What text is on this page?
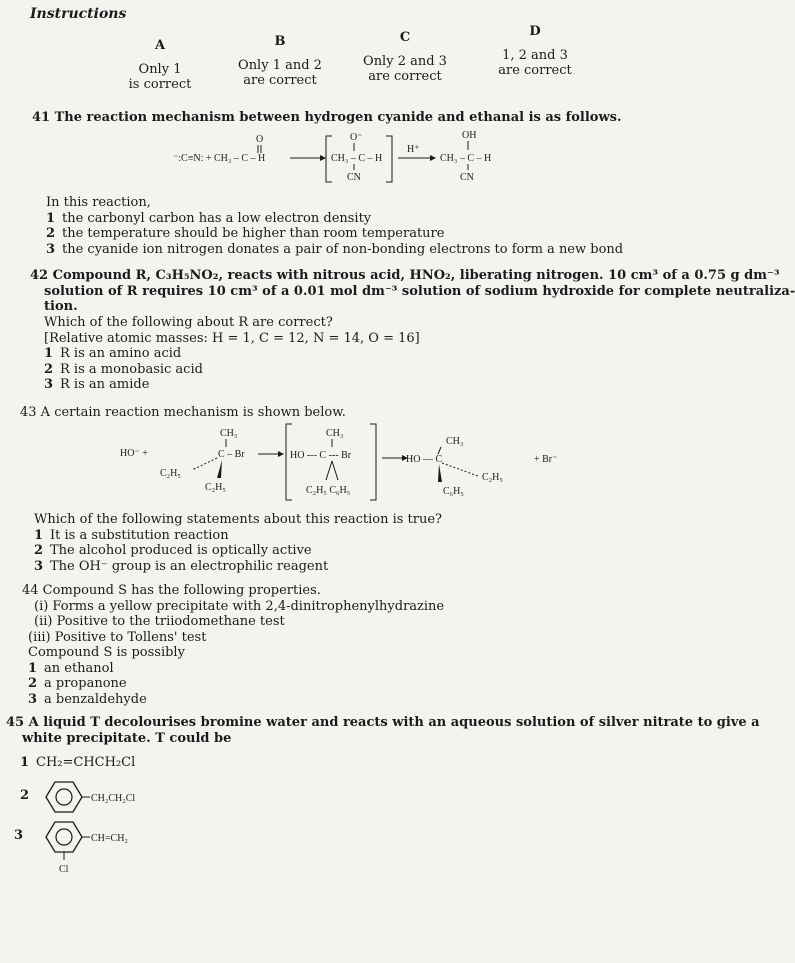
Instructions
A
Only 1
is correct
B
Only 1 and 2
are correct
C
Only 2 and 3
are correct
D
1, 2 and 3
are correct
41 The reaction mechanism between hydrogen cyanide and ethanal is as follows.
⁻:C≡N: + CH₃ – C – H
O	O⁻
CH₃ – C – H
CN
H⁺
OH
CH₃ – C – H
CN
In this reaction,
1 the carbonyl carbon has a low electron density
2 the temperature should be higher than room temperature
3 the cyanide ion nitrogen donates a pair of non-bonding electrons to form a new bond
42 Compound R, C₃H₅NO₂, reacts with nitrous acid, HNO₂, liberating nitrogen. 10 cm³ of a 0.75 g dm⁻³
solution of R requires 10 cm³ of a 0.01 mol dm⁻³ solution of sodium hydroxide for complete neutraliza-
tion.
Which of the following about R are correct?
[Relative atomic masses: H = 1, C = 12, N = 14, O = 16]
1 R is an amino acid
2 R is a monobasic acid
3 R is an amide
43 A certain reaction mechanism is shown below.
HO⁻ +
CH₃
C – Br
C₂H₅
C₂H₅
CH₃
HO --- C --- Br
C₂H₅ C₆H₅
CH₃
HO — C
C₂H₅
C₆H₅
+ Br⁻
Which of the following statements about this reaction is true?
1 It is a substitution reaction
2 The alcohol produced is optically active
3 The OH⁻ group is an electrophilic reagent
44 Compound S has the following properties.
(i) Forms a yellow precipitate with 2,4-dinitrophenylhydrazine
(ii) Positive to the triiodomethane test
(iii) Positive to Tollens' test
Compound S is possibly
1 an ethanol
2 a propanone
3 a benzaldehyde
45 A liquid T decolourises bromine water and reacts with an aqueous solution of silver nitrate to give a
white precipitate. T could be
1 CH₂=CHCH₂Cl
2	CH₂CH₂Cl
3	CH=CH₂
Cl
